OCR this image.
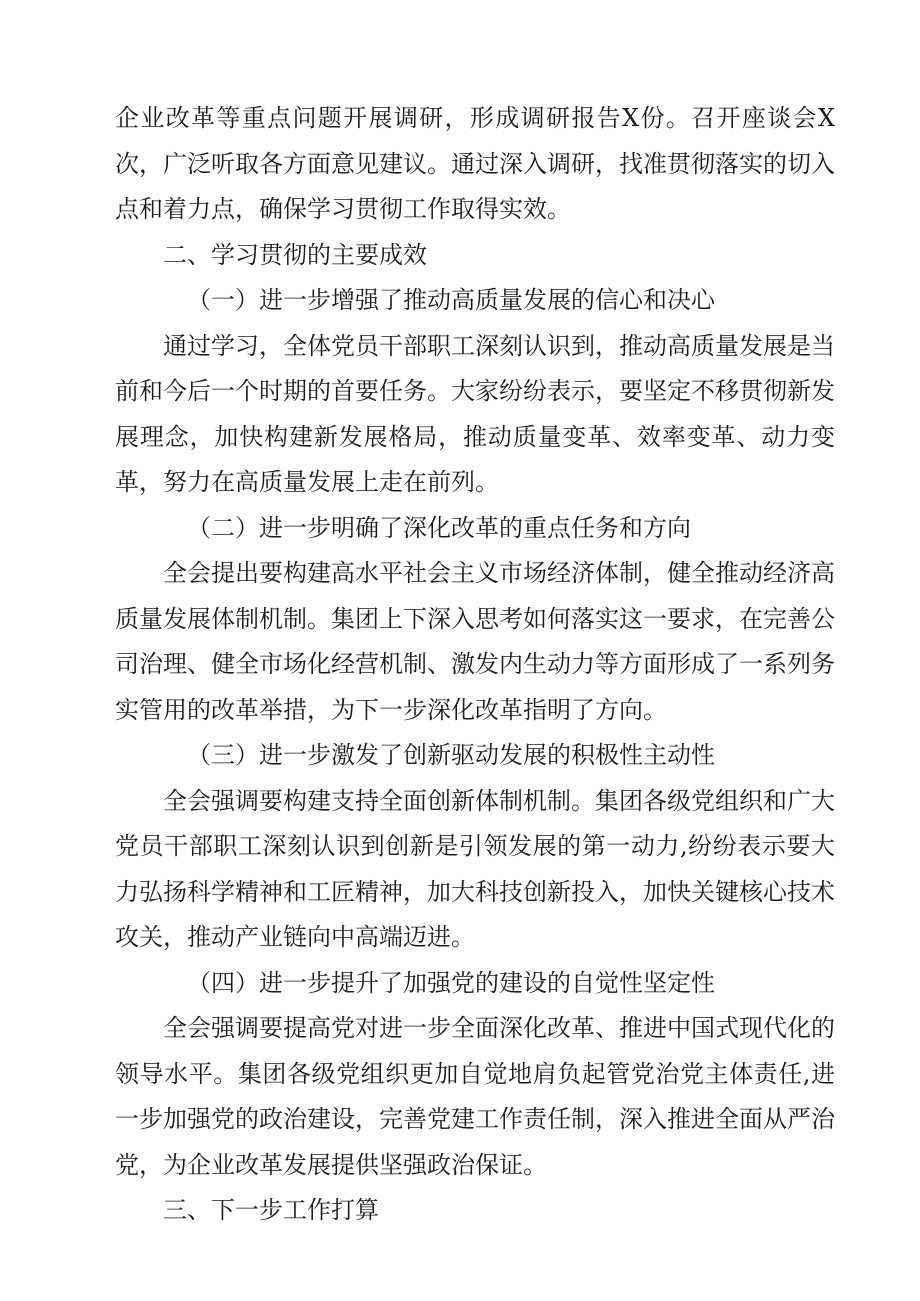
企业改革等重点问题开展调研，形成调研报告X份。召开座谈会X次，广泛听取各方面意见建议。通过深入调研，找准贯彻落实的切入点和着力点，确保学习贯彻工作取得实效。

二、学习贯彻的主要成效

（一）进一步增强了推动高质量发展的信心和决心

通过学习，全体党员干部职工深刻认识到，推动高质量发展是当前和今后一个时期的首要任务。大家纷纷表示，要坚定不移贯彻新发展理念，加快构建新发展格局，推动质量变革、效率变革、动力变革，努力在高质量发展上走在前列。

（二）进一步明确了深化改革的重点任务和方向

全会提出要构建高水平社会主义市场经济体制，健全推动经济高质量发展体制机制。集团上下深入思考如何落实这一要求，在完善公司治理、健全市场化经营机制、激发内生动力等方面形成了一系列务实管用的改革举措，为下一步深化改革指明了方向。

（三）进一步激发了创新驱动发展的积极性主动性

全会强调要构建支持全面创新体制机制。集团各级党组织和广大党员干部职工深刻认识到创新是引领发展的第一动力,纷纷表示要大力弘扬科学精神和工匠精神，加大科技创新投入，加快关键核心技术攻关，推动产业链向中高端迈进。

（四）进一步提升了加强党的建设的自觉性坚定性

全会强调要提高党对进一步全面深化改革、推进中国式现代化的领导水平。集团各级党组织更加自觉地肩负起管党治党主体责任,进一步加强党的政治建设，完善党建工作责任制，深入推进全面从严治党，为企业改革发展提供坚强政治保证。

三、下一步工作打算
